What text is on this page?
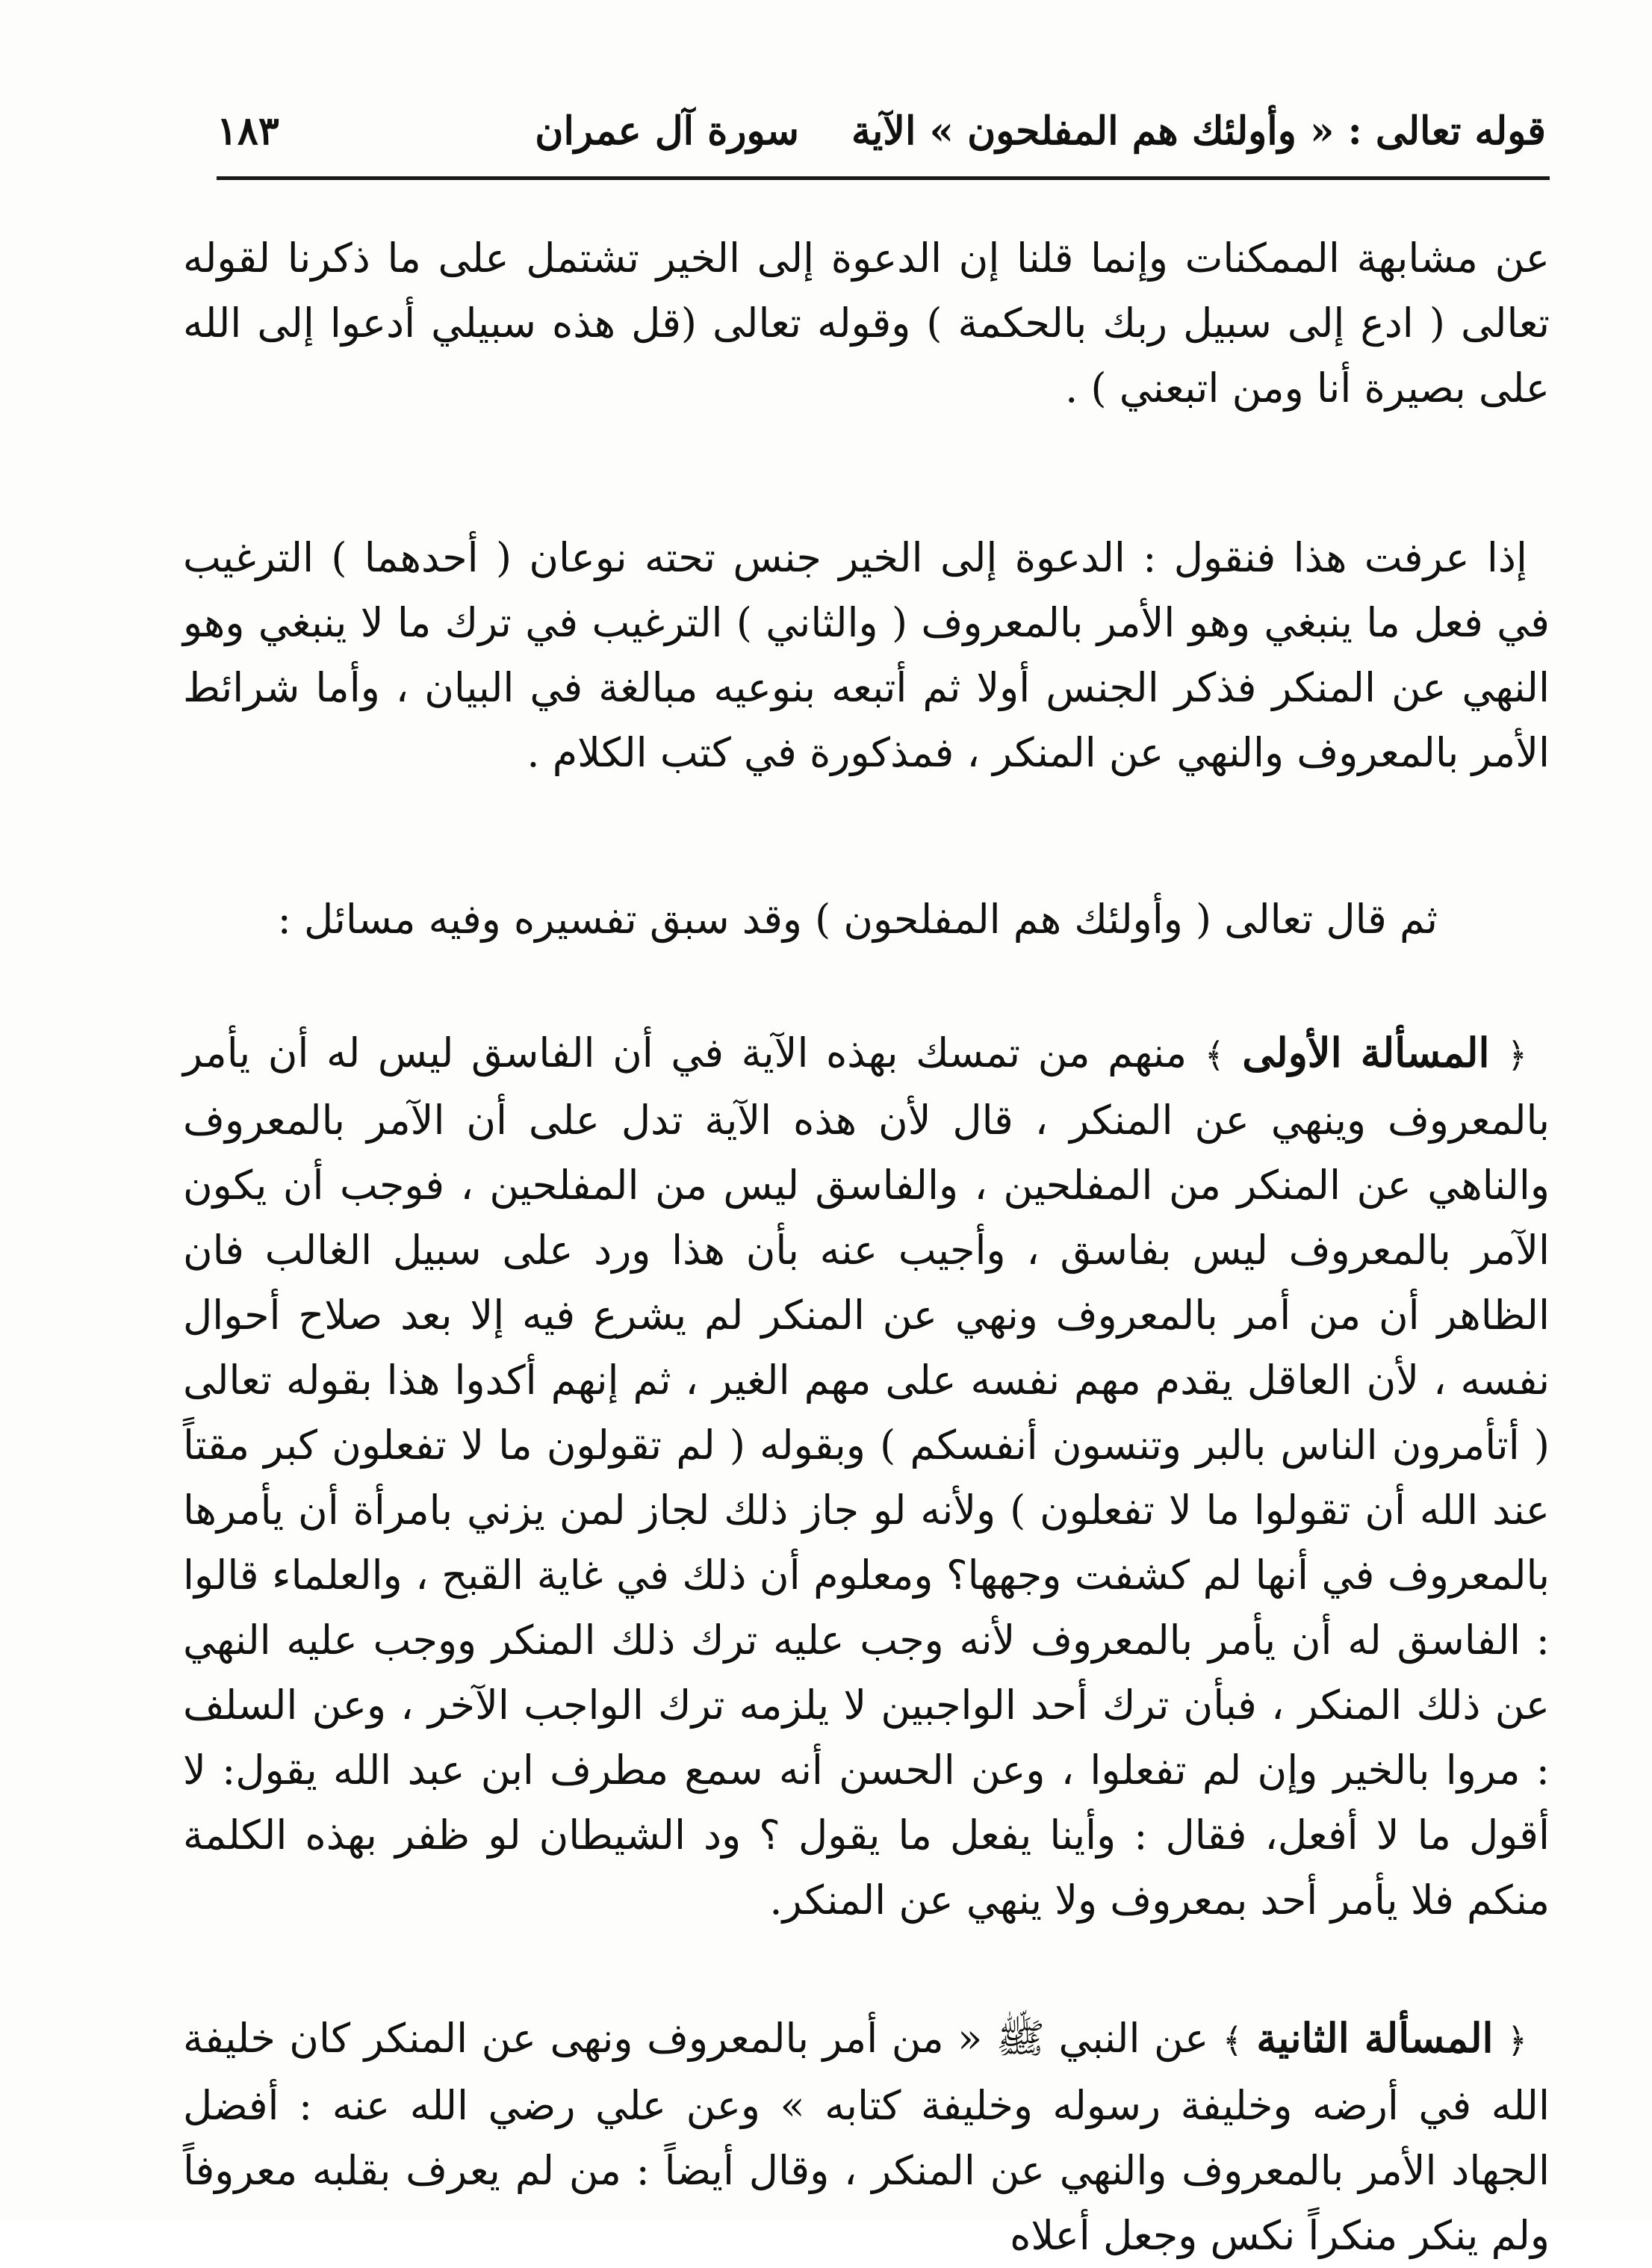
قوله تعالى : « وأولئك هم المفلحون » الآية
سورة آل عمران
١٨٣

عن مشابهة الممكنات وإنما قلنا إن الدعوة إلى الخير تشتمل على ما ذكرنا لقوله تعالى ( ادع إلى سبيل ربك بالحكمة ) وقوله تعالى (قل هذه سبيلي أدعوا إلى الله على بصيرة أنا ومن اتبعني ) .

إذا عرفت هذا فنقول : الدعوة إلى الخير جنس تحته نوعان ( أحدهما ) الترغيب في فعل ما ينبغي وهو الأمر بالمعروف ( والثاني ) الترغيب في ترك ما لا ينبغي وهو النهي عن المنكر فذكر الجنس أولا ثم أتبعه بنوعيه مبالغة في البيان ، وأما شرائط الأمر بالمعروف والنهي عن المنكر ، فمذكورة في كتب الكلام .

ثم قال تعالى ( وأولئك هم المفلحون ) وقد سبق تفسيره وفيه مسائل :

﴿ المسألة الأولى ﴾ منهم من تمسك بهذه الآية في أن الفاسق ليس له أن يأمر بالمعروف وينهي عن المنكر ، قال لأن هذه الآية تدل على أن الآمر بالمعروف والناهي عن المنكر من المفلحين ، والفاسق ليس من المفلحين ، فوجب أن يكون الآمر بالمعروف ليس بفاسق ، وأجيب عنه بأن هذا ورد على سبيل الغالب فان الظاهر أن من أمر بالمعروف ونهي عن المنكر لم يشرع فيه إلا بعد صلاح أحوال نفسه ، لأن العاقل يقدم مهم نفسه على مهم الغير ، ثم إنهم أكدوا هذا بقوله تعالى ( أتأمرون الناس بالبر وتنسون أنفسكم ) وبقوله ( لم تقولون ما لا تفعلون كبر مقتاً عند الله أن تقولوا ما لا تفعلون ) ولأنه لو جاز ذلك لجاز لمن يزني بامرأة أن يأمرها بالمعروف في أنها لم كشفت وجهها؟ ومعلوم أن ذلك في غاية القبح ، والعلماء قالوا : الفاسق له أن يأمر بالمعروف لأنه وجب عليه ترك ذلك المنكر ووجب عليه النهي عن ذلك المنكر ، فبأن ترك أحد الواجبين لا يلزمه ترك الواجب الآخر ، وعن السلف : مروا بالخير وإن لم تفعلوا ، وعن الحسن أنه سمع مطرف ابن عبد الله يقول: لا أقول ما لا أفعل، فقال : وأينا يفعل ما يقول ؟ ود الشيطان لو ظفر بهذه الكلمة منكم فلا يأمر أحد بمعروف ولا ينهي عن المنكر.

﴿ المسألة الثانية ﴾ عن النبي ﷺ « من أمر بالمعروف ونهى عن المنكر كان خليفة الله في أرضه وخليفة رسوله وخليفة كتابه » وعن علي رضي الله عنه : أفضل الجهاد الأمر بالمعروف والنهي عن المنكر ، وقال أيضاً : من لم يعرف بقلبه معروفاً ولم ينكر منكراً نكس وجعل أعلاه
